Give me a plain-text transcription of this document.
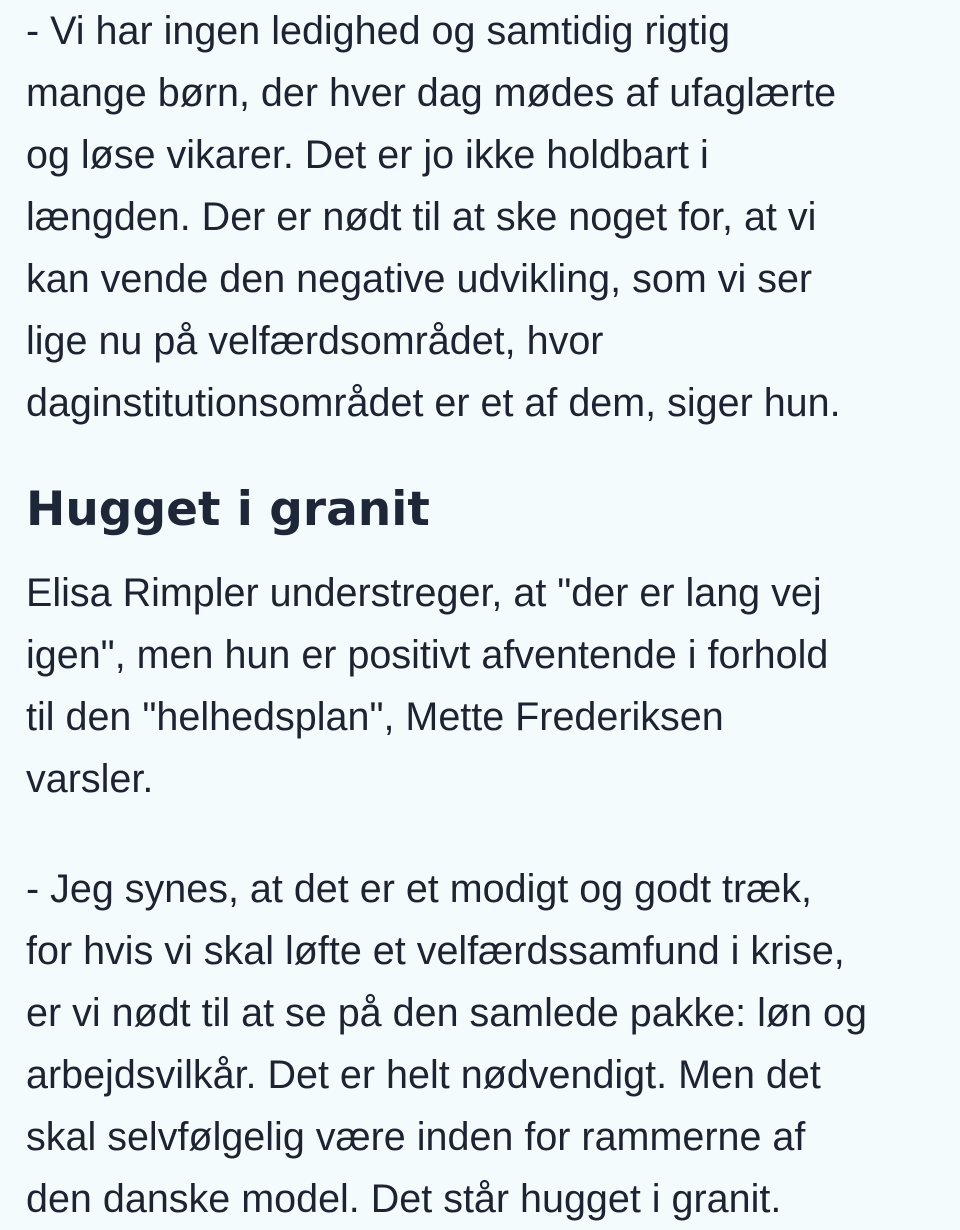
- Vi har ingen ledighed og samtidig rigtig
mange børn, der hver dag mødes af ufaglærte
og løse vikarer. Det er jo ikke holdbart i
længden. Der er nødt til at ske noget for, at vi
kan vende den negative udvikling, som vi ser
lige nu på velfærdsområdet, hvor
daginstitutionsområdet er et af dem, siger hun.

Hugget i granit

Elisa Rimpler understreger, at "der er lang vej
igen", men hun er positivt afventende i forhold
til den "helhedsplan", Mette Frederiksen
varsler.

- Jeg synes, at det er et modigt og godt træk,
for hvis vi skal løfte et velfærdssamfund i krise,
er vi nødt til at se på den samlede pakke: løn og
arbejdsvilkår. Det er helt nødvendigt. Men det
skal selvfølgelig være inden for rammerne af
den danske model. Det står hugget i granit.
